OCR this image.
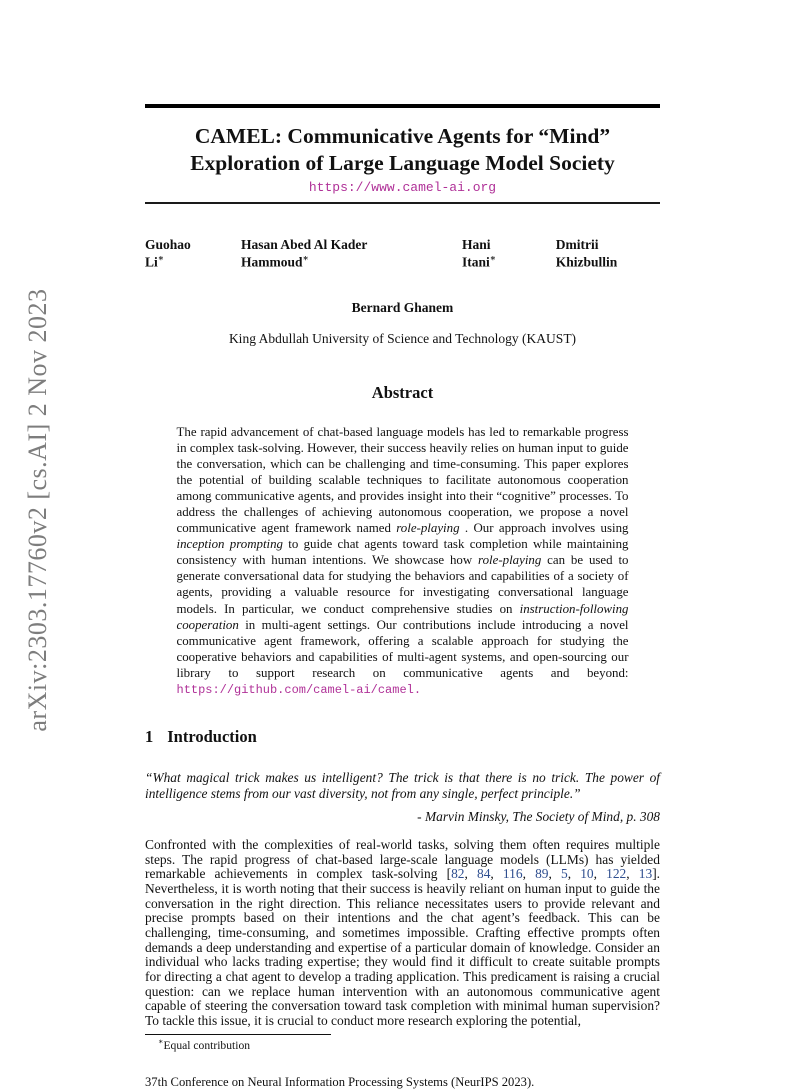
arXiv:2303.17760v2 [cs.AI] 2 Nov 2023
CAMEL: Communicative Agents for “Mind”
Exploration of Large Language Model Society
https://www.camel-ai.org
Guohao Li∗
Hasan Abed Al Kader Hammoud∗
Hani Itani∗
Dmitrii Khizbullin
Bernard Ghanem
King Abdullah University of Science and Technology (KAUST)
Abstract
The rapid advancement of chat-based language models has led to remarkable progress in complex task-solving. However, their success heavily relies on human input to guide the conversation, which can be challenging and time-consuming. This paper explores the potential of building scalable techniques to facilitate autonomous cooperation among communicative agents, and provides insight into their “cognitive” processes. To address the challenges of achieving autonomous cooperation, we propose a novel communicative agent framework named role-playing . Our approach involves using inception prompting to guide chat agents toward task completion while maintaining consistency with human intentions. We showcase how role-playing can be used to generate conversational data for studying the behaviors and capabilities of a society of agents, providing a valuable resource for investigating conversational language models. In particular, we conduct comprehensive studies on instruction-following cooperation in multi-agent settings. Our contributions include introducing a novel communicative agent framework, offering a scalable approach for studying the cooperative behaviors and capabilities of multi-agent systems, and open-sourcing our library to support research on communicative agents and beyond: https://github.com/camel-ai/camel.
1 Introduction
“What magical trick makes us intelligent? The trick is that there is no trick. The power of intelligence stems from our vast diversity, not from any single, perfect principle.”
- Marvin Minsky, The Society of Mind, p. 308
Confronted with the complexities of real-world tasks, solving them often requires multiple steps. The rapid progress of chat-based large-scale language models (LLMs) has yielded remarkable achievements in complex task-solving [82, 84, 116, 89, 5, 10, 122, 13]. Nevertheless, it is worth noting that their success is heavily reliant on human input to guide the conversation in the right direction. This reliance necessitates users to provide relevant and precise prompts based on their intentions and the chat agent’s feedback. This can be challenging, time-consuming, and sometimes impossible. Crafting effective prompts often demands a deep understanding and expertise of a particular domain of knowledge. Consider an individual who lacks trading expertise; they would find it difficult to create suitable prompts for directing a chat agent to develop a trading application. This predicament is raising a crucial question: can we replace human intervention with an autonomous communicative agent capable of steering the conversation toward task completion with minimal human supervision? To tackle this issue, it is crucial to conduct more research exploring the potential,
∗Equal contribution
37th Conference on Neural Information Processing Systems (NeurIPS 2023).
